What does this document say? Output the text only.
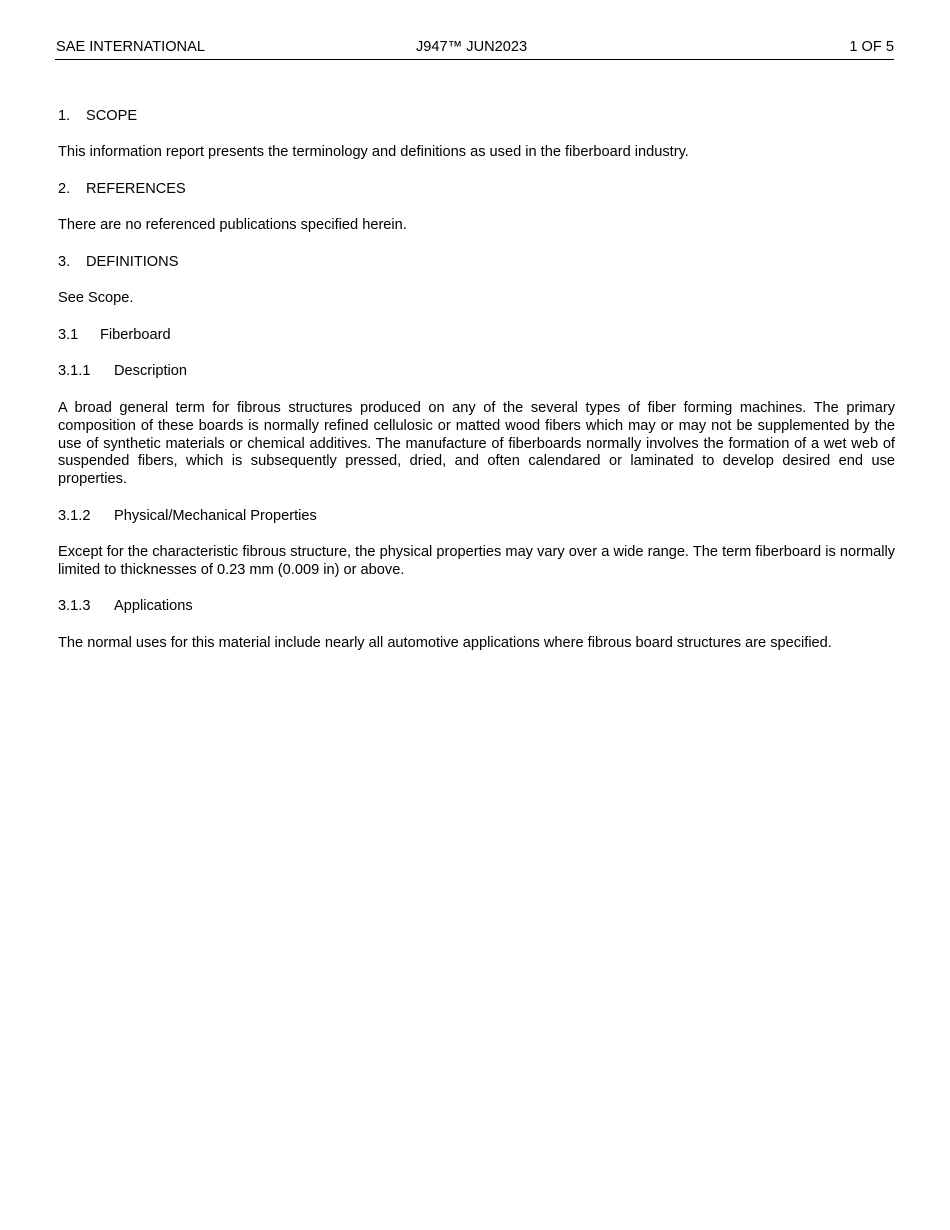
SAE INTERNATIONAL	J947™ JUN2023	1 OF 5
1. SCOPE
This information report presents the terminology and definitions as used in the fiberboard industry.
2. REFERENCES
There are no referenced publications specified herein.
3. DEFINITIONS
See Scope.
3.1 Fiberboard
3.1.1 Description
A broad general term for fibrous structures produced on any of the several types of fiber forming machines. The primary composition of these boards is normally refined cellulosic or matted wood fibers which may or may not be supplemented by the use of synthetic materials or chemical additives. The manufacture of fiberboards normally involves the formation of a wet web of suspended fibers, which is subsequently pressed, dried, and often calendared or laminated to develop desired end use properties.
3.1.2 Physical/Mechanical Properties
Except for the characteristic fibrous structure, the physical properties may vary over a wide range. The term fiberboard is normally limited to thicknesses of 0.23 mm (0.009 in) or above.
3.1.3 Applications
The normal uses for this material include nearly all automotive applications where fibrous board structures are specified.
